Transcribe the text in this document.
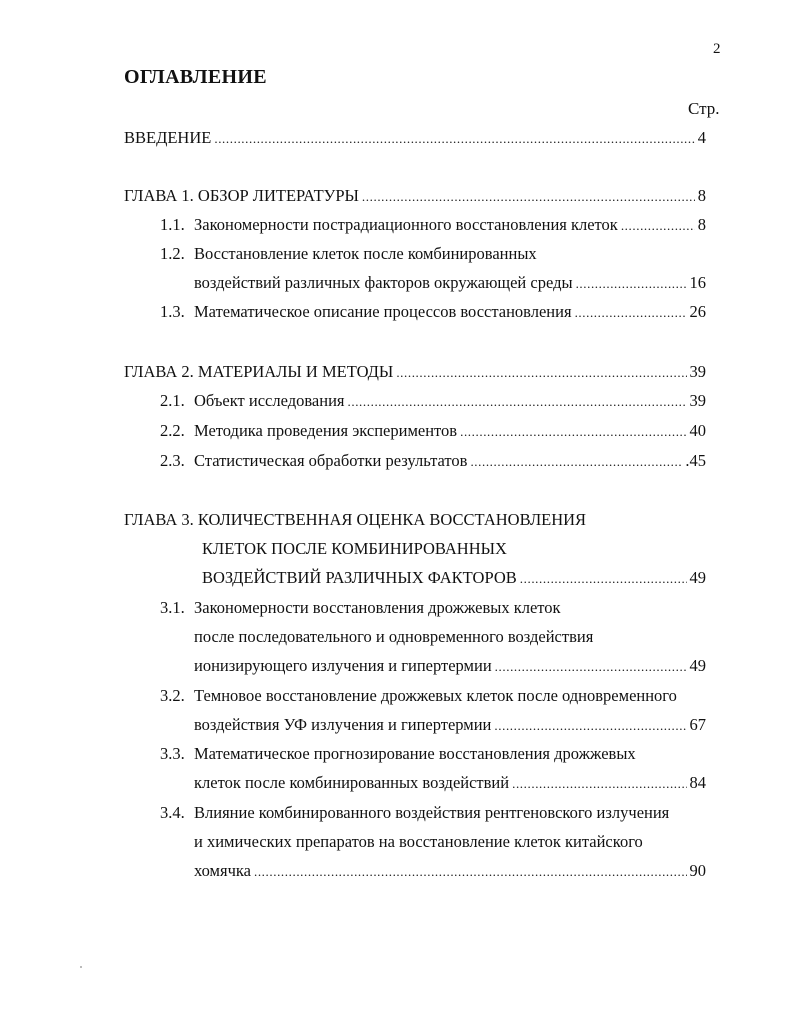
2
ОГЛАВЛЕНИЕ
Стр.
ВВЕДЕНИЕ .....	4
ГЛАВА 1. ОБЗОР ЛИТЕРАТУРЫ .....	8
1.1. Закономерности пострадиационного восстановления клеток .....	8
1.2. Восстановление клеток после комбинированных
воздействий различных факторов окружающей среды .....	16
1.3. Математическое описание процессов восстановления .....	26
ГЛАВА 2. МАТЕРИАЛЫ И МЕТОДЫ .....	39
2.1. Объект исследования .....	39
2.2. Методика проведения экспериментов .....	40
2.3. Статистическая обработки результатов .....	.45
ГЛАВА 3. КОЛИЧЕСТВЕННАЯ ОЦЕНКА ВОССТАНОВЛЕНИЯ
КЛЕТОК ПОСЛЕ КОМБИНИРОВАННЫХ
ВОЗДЕЙСТВИЙ РАЗЛИЧНЫХ ФАКТОРОВ .....	49
3.1. Закономерности восстановления дрожжевых клеток
после последовательного и одновременного воздействия
ионизирующего излучения и гипертермии .....	49
3.2. Темновое восстановление дрожжевых клеток после одновременного
воздействия УФ излучения и гипертермии .....	67
3.3. Математическое прогнозирование восстановления дрожжевых
клеток после комбинированных воздействий .....	84
3.4. Влияние комбинированного воздействия рентгеновского излучения
и химических препаратов на восстановление клеток китайского
хомячка .....	90
